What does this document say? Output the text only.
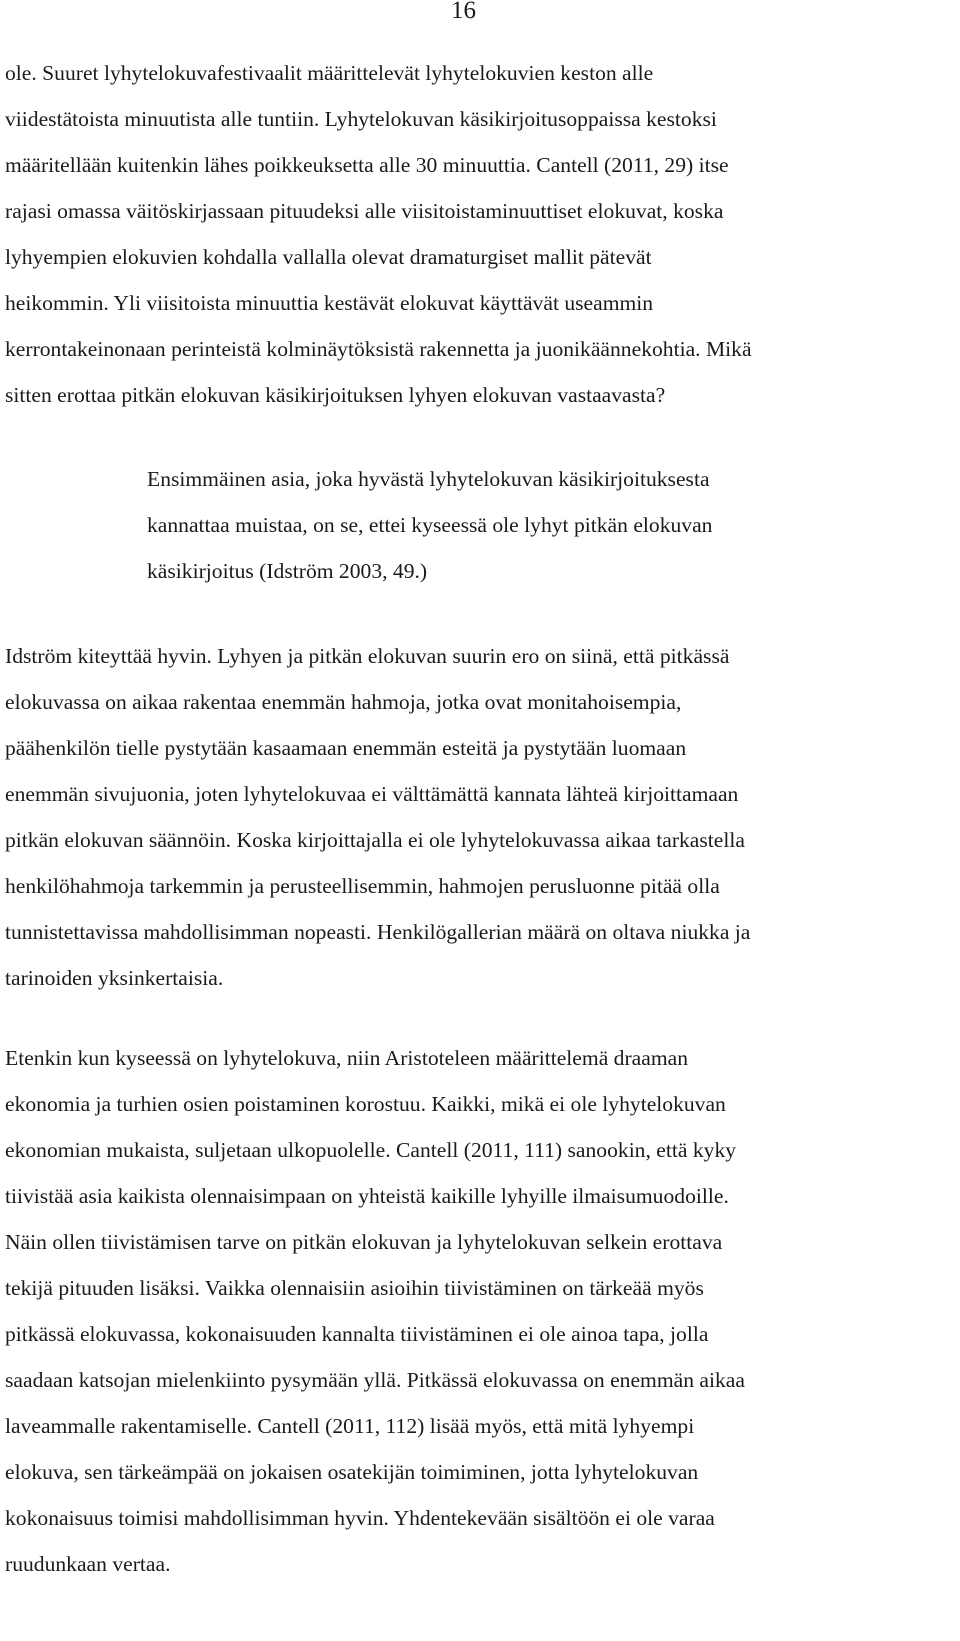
16
ole. Suuret lyhytelokuvafestivaalit määrittelevät lyhytelokuvien keston alle
viidestätoista minuutista alle tuntiin. Lyhytelokuvan käsikirjoitusoppaissa kestoksi
määritellään kuitenkin lähes poikkeuksetta alle 30 minuuttia. Cantell (2011, 29) itse
rajasi omassa väitöskirjassaan pituudeksi alle viisitoistaminuuttiset elokuvat, koska
lyhyempien elokuvien kohdalla vallalla olevat dramaturgiset mallit pätevät
heikommin. Yli viisitoista minuuttia kestävät elokuvat käyttävät useammin
kerrontakeinonaan perinteistä kolminäytöksistä rakennetta ja juonikäännekohtia. Mikä
sitten erottaa pitkän elokuvan käsikirjoituksen lyhyen elokuvan vastaavasta?
Ensimmäinen asia, joka hyvästä lyhytelokuvan käsikirjoituksesta
kannattaa muistaa, on se, ettei kyseessä ole lyhyt pitkän elokuvan
käsikirjoitus (Idström 2003, 49.)
Idström kiteyttää hyvin. Lyhyen ja pitkän elokuvan suurin ero on siinä, että pitkässä
elokuvassa on aikaa rakentaa enemmän hahmoja, jotka ovat monitahoisempia,
päähenkilön tielle pystytään kasaamaan enemmän esteitä ja pystytään luomaan
enemmän sivujuonia, joten lyhytelokuvaa ei välttämättä kannata lähteä kirjoittamaan
pitkän elokuvan säännöin. Koska kirjoittajalla ei ole lyhytelokuvassa aikaa tarkastella
henkilöhahmoja tarkemmin ja perusteellisemmin, hahmojen perusluonne pitää olla
tunnistettavissa mahdollisimman nopeasti. Henkilögallerian määrä on oltava niukka ja
tarinoiden yksinkertaisia.
Etenkin kun kyseessä on lyhytelokuva, niin Aristoteleen määrittelemä draaman
ekonomia ja turhien osien poistaminen korostuu. Kaikki, mikä ei ole lyhytelokuvan
ekonomian mukaista, suljetaan ulkopuolelle. Cantell (2011, 111) sanookin, että kyky
tiivistää asia kaikista olennaisimpaan on yhteistä kaikille lyhyille ilmaisumuodoille.
Näin ollen tiivistämisen tarve on pitkän elokuvan ja lyhytelokuvan selkein erottava
tekijä pituuden lisäksi. Vaikka olennaisiin asioihin tiivistäminen on tärkeää myös
pitkässä elokuvassa, kokonaisuuden kannalta tiivistäminen ei ole ainoa tapa, jolla
saadaan katsojan mielenkiinto pysymään yllä. Pitkässä elokuvassa on enemmän aikaa
laveammalle rakentamiselle. Cantell (2011, 112) lisää myös, että mitä lyhyempi
elokuva, sen tärkeämpää on jokaisen osatekijän toimiminen, jotta lyhytelokuvan
kokonaisuus toimisi mahdollisimman hyvin. Yhdentekevään sisältöön ei ole varaa
ruudunkaan vertaa.
